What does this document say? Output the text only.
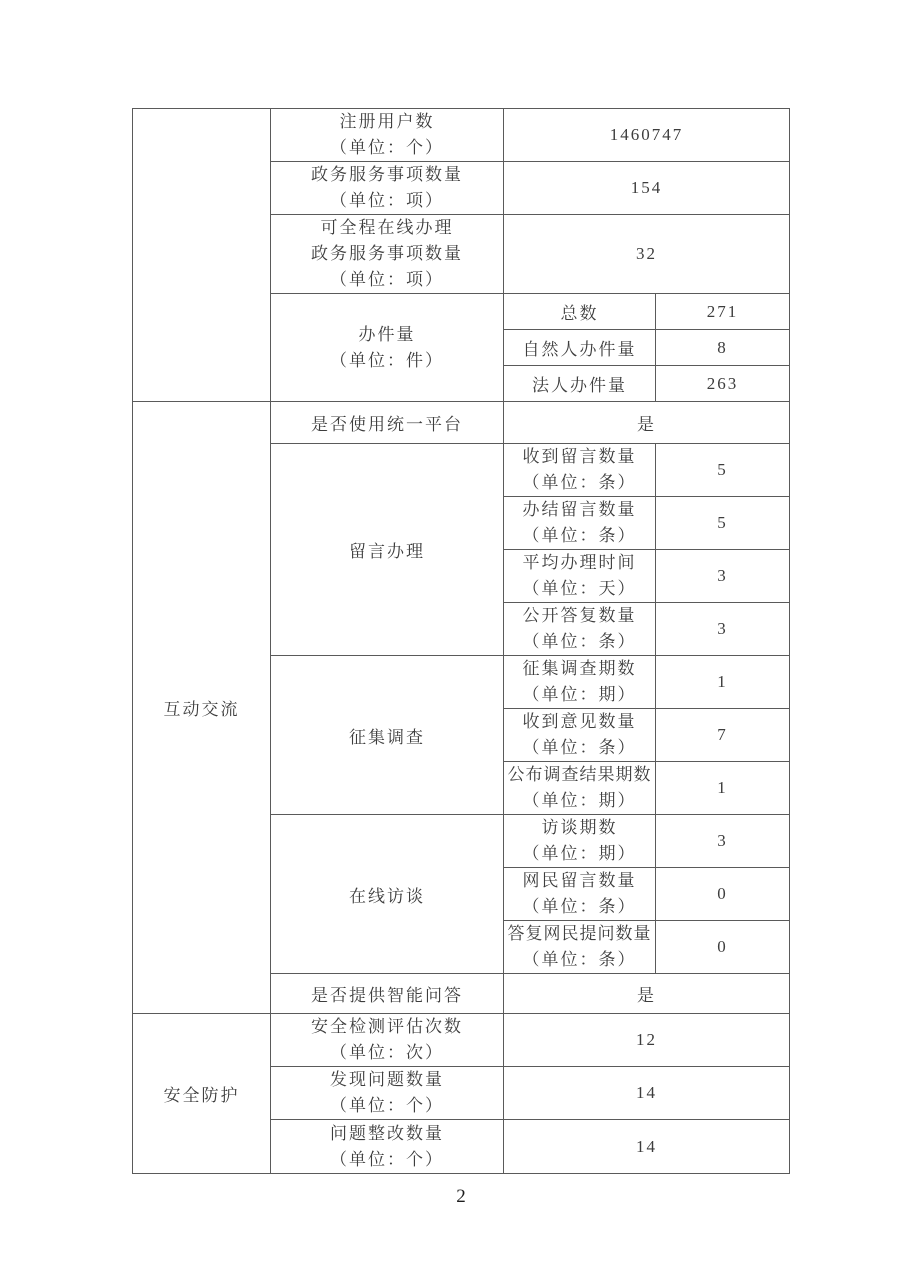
	注册用户数
（单位：个）	1460747	

	政务服务事项数量
（单位：项）	154	

	可全程在线办理
政务服务事项数量
（单位：项）	32	

	办件量
（单位：件）	总数	271
		自然人办件量	8
		法人办件量	263
互动交流	是否使用统一平台	是	
	留言办理	收到留言数量
（单位：条）	5

		办结留言数量
（单位：条）	5

		平均办理时间
（单位：天）	3

		公开答复数量
（单位：条）	3
	征集调查	征集调查期数
（单位：期）	1

		收到意见数量
（单位：条）	7

		公布调查结果期数
（单位：期）	1
	在线访谈	访谈期数
（单位：期）	3

		网民留言数量
（单位：条）	0

		答复网民提问数量
（单位：条）	0
	是否提供智能问答	是	
安全防护	安全检测评估次数
（单位：次）	12	

	发现问题数量
（单位：个）	14	

	问题整改数量
（单位：个）	14	
2
